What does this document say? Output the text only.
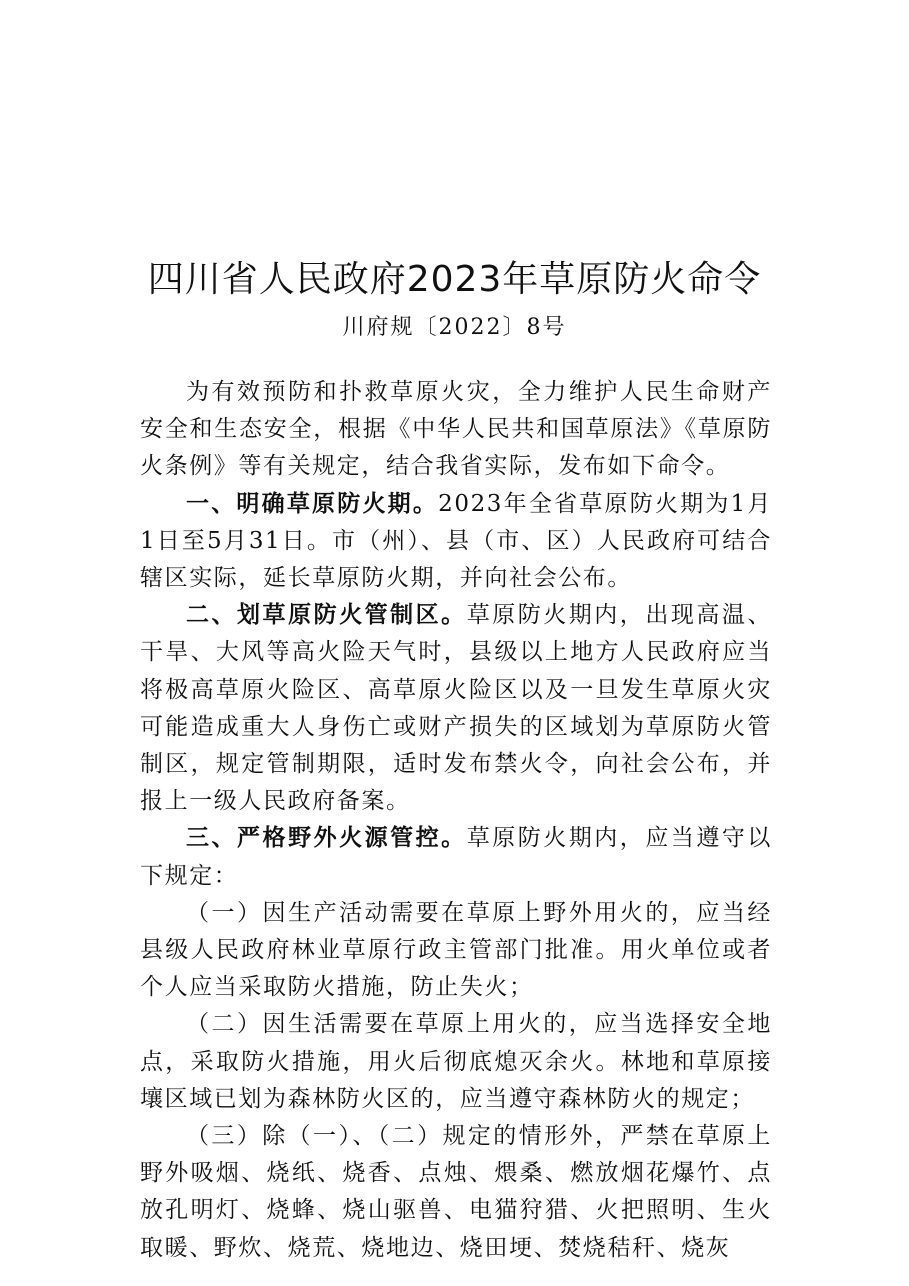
四川省人民政府2023年草原防火命令
川府规〔2022〕8号

为有效预防和扑救草原火灾，全力维护人民生命财产安全和生态安全，根据《中华人民共和国草原法》《草原防火条例》等有关规定，结合我省实际，发布如下命令。

一、明确草原防火期。2023年全省草原防火期为1月1日至5月31日。市（州）、县（市、区）人民政府可结合辖区实际，延长草原防火期，并向社会公布。

二、划草原防火管制区。草原防火期内，出现高温、干旱、大风等高火险天气时，县级以上地方人民政府应当将极高草原火险区、高草原火险区以及一旦发生草原火灾可能造成重大人身伤亡或财产损失的区域划为草原防火管制区，规定管制期限，适时发布禁火令，向社会公布，并报上一级人民政府备案。

三、严格野外火源管控。草原防火期内，应当遵守以下规定：

（一）因生产活动需要在草原上野外用火的，应当经县级人民政府林业草原行政主管部门批准。用火单位或者个人应当采取防火措施，防止失火；

（二）因生活需要在草原上用火的，应当选择安全地点，采取防火措施，用火后彻底熄灭余火。林地和草原接壤区域已划为森林防火区的，应当遵守森林防火的规定；

（三）除（一）、（二）规定的情形外，严禁在草原上野外吸烟、烧纸、烧香、点烛、煨桑、燃放烟花爆竹、点放孔明灯、烧蜂、烧山驱兽、电猫狩猎、火把照明、生火取暖、野炊、烧荒、烧地边、烧田埂、焚烧秸秆、烧灰
